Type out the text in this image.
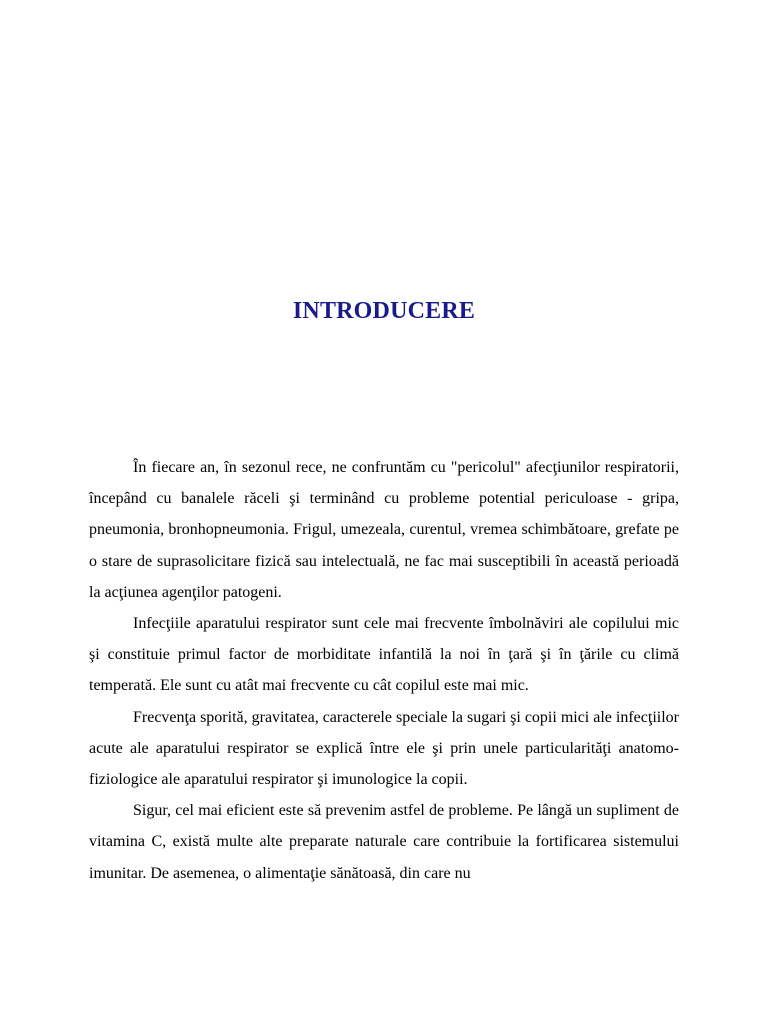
INTRODUCERE

În fiecare an, în sezonul rece, ne confruntăm cu "pericolul" afecţiunilor respiratorii, începând cu banalele răceli şi terminând cu probleme potential periculoase - gripa, pneumonia, bronhopneumonia. Frigul, umezeala, curentul, vremea schimbătoare, grefate pe o stare de suprasolicitare fizică sau intelectuală, ne fac mai susceptibili în această perioadă la acţiunea agenţilor patogeni.

Infecţiile aparatului respirator sunt cele mai frecvente îmbolnăviri ale copilului mic şi constituie primul factor de morbiditate infantilă la noi în ţară şi în ţările cu climă temperată. Ele sunt cu atât mai frecvente cu cât copilul este mai mic.

Frecvenţa sporită, gravitatea, caracterele speciale la sugari şi copii mici ale infecţiilor acute ale aparatului respirator se explică între ele şi prin unele particularităţi anatomo-fiziologice ale aparatului respirator şi imunologice la copii.

Sigur, cel mai eficient este să prevenim astfel de probleme. Pe lângă un supliment de vitamina C, există multe alte preparate naturale care contribuie la fortificarea sistemului imunitar. De asemenea, o alimentaţie sănătoasă, din care nu
